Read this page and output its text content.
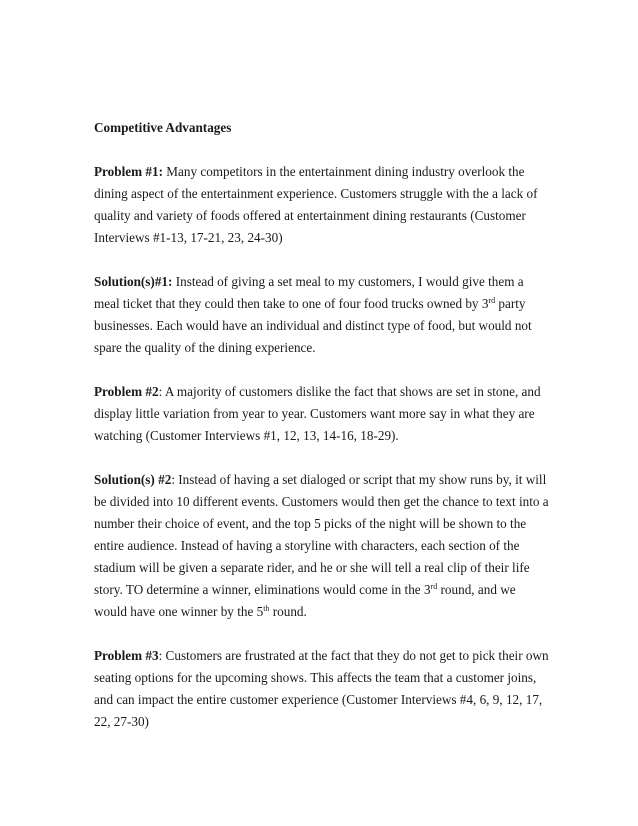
Competitive Advantages

Problem #1: Many competitors in the entertainment dining industry overlook the dining aspect of the entertainment experience. Customers struggle with the a lack of quality and variety of foods offered at entertainment dining restaurants (Customer Interviews #1-13, 17-21, 23, 24-30)

Solution(s)#1: Instead of giving a set meal to my customers, I would give them a meal ticket that they could then take to one of four food trucks owned by 3rd party businesses. Each would have an individual and distinct type of food, but would not spare the quality of the dining experience.

Problem #2: A majority of customers dislike the fact that shows are set in stone, and display little variation from year to year. Customers want more say in what they are watching (Customer Interviews #1, 12, 13, 14-16, 18-29).

Solution(s) #2: Instead of having a set dialoged or script that my show runs by, it will be divided into 10 different events. Customers would then get the chance to text into a number their choice of event, and the top 5 picks of the night will be shown to the entire audience. Instead of having a storyline with characters, each section of the stadium will be given a separate rider, and he or she will tell a real clip of their life story. TO determine a winner, eliminations would come in the 3rd round, and we would have one winner by the 5th round.

Problem #3: Customers are frustrated at the fact that they do not get to pick their own seating options for the upcoming shows. This affects the team that a customer joins, and can impact the entire customer experience (Customer Interviews #4, 6, 9, 12, 17, 22, 27-30)
